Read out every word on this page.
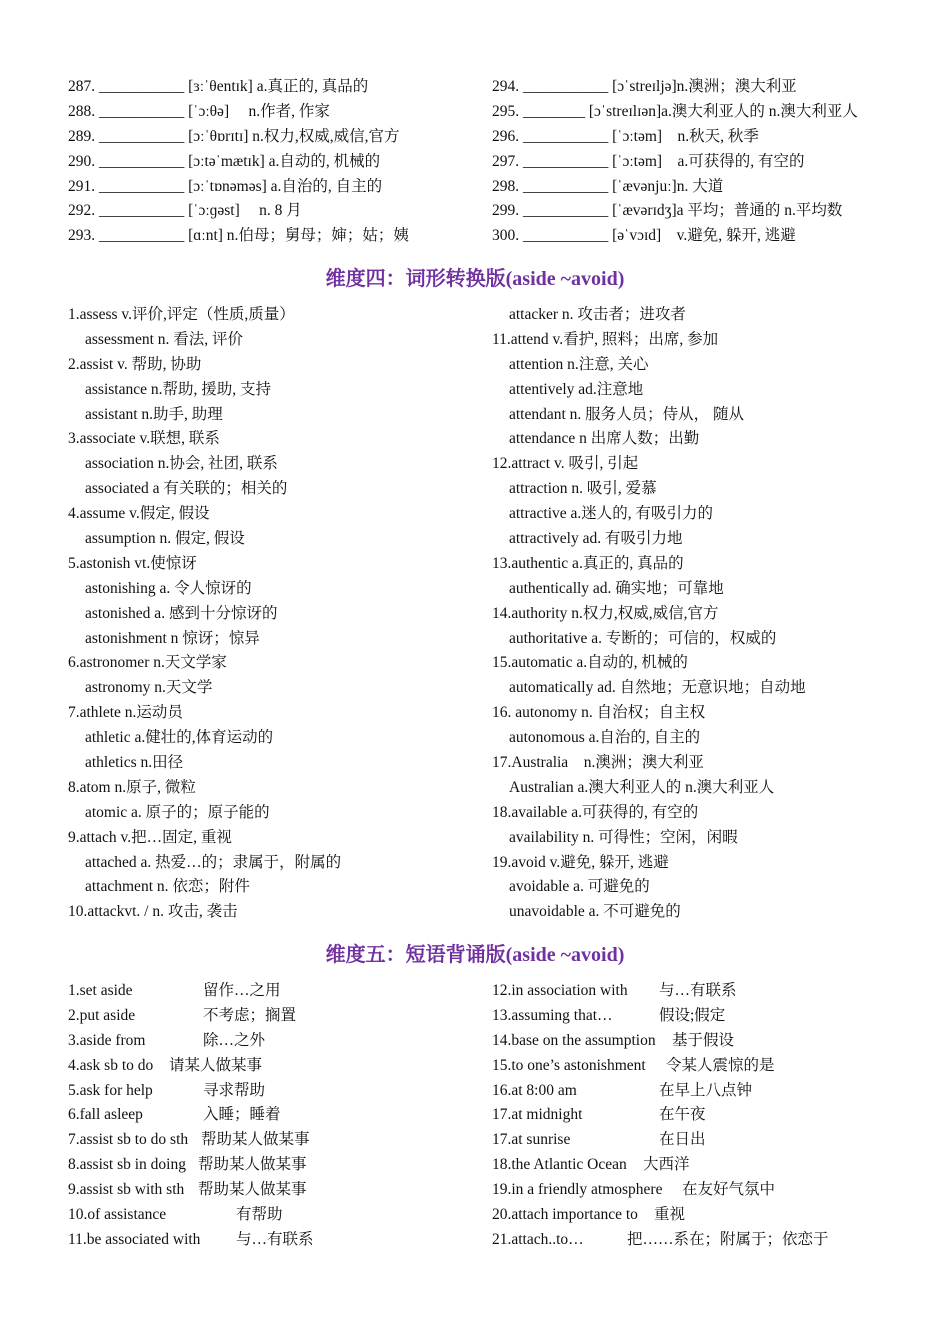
287. ___________ [ɜːˈθentɪk] a.真正的, 真品的
288. ___________ [ˈɔːθə]　 n.作者, 作家
289. ___________ [ɔːˈθɒrɪtɪ] n.权力,权威,威信,官方
290. ___________ [ɔːtəˈmætɪk] a.自动的, 机械的
291. ___________ [ɔːˈtɒnəməs] a.自治的, 自主的
292. ___________ [ˈɔːɡəst]　 n. 8 月
293. ___________ [ɑːnt] n.伯母；舅母；婶；姑；姨
294. ___________ [ɔˈstreɪljə]n.澳洲；澳大利亚
295. ________ [ɔˈstreɪlɪən]a.澳大利亚人的 n.澳大利亚人
296. ___________ [ˈɔːtəm]　n.秋天, 秋季
297. ___________ [ˈɔːtəm]　a.可获得的, 有空的
298. ___________ [ˈævənjuː]n. 大道
299. ___________ [ˈævərɪdʒ]a 平均；普通的 n.平均数
300. ___________ [əˈvɔɪd]　v.避免, 躲开, 逃避
维度四：词形转换版(aside ~avoid)
1.assess v.评价,评定（性质,质量）
assessment n. 看法, 评价
2.assist v. 帮助, 协助
assistance n.帮助, 援助, 支持
assistant n.助手, 助理
3.associate v.联想, 联系
association n.协会, 社团, 联系
associated a 有关联的；相关的
4.assume v.假定, 假设
assumption n. 假定, 假设
5.astonish vt.使惊讶
astonishing a. 令人惊讶的
astonished a. 感到十分惊讶的
astonishment n 惊讶；惊异
6.astronomer n.天文学家
astronomy n.天文学
7.athlete n.运动员
athletic a.健壮的,体育运动的
athletics n.田径
8.atom n.原子, 微粒
atomic a. 原子的；原子能的
9.attach v.把…固定, 重视
attached a. 热爱…的；隶属于，附属的
attachment n. 依恋；附件
10.attackvt. / n. 攻击, 袭击
attacker n. 攻击者；进攻者
11.attend v.看护, 照料；出席, 参加
attention n.注意, 关心
attentively ad.注意地
attendant n. 服务人员；侍从， 随从
attendance n 出席人数；出勤
12.attract v. 吸引, 引起
attraction n. 吸引, 爱慕
attractive a.迷人的, 有吸引力的
attractively ad. 有吸引力地
13.authentic a.真正的, 真品的
authentically ad. 确实地；可靠地
14.authority n.权力,权威,威信,官方
authoritative a. 专断的；可信的，权威的
15.automatic a.自动的, 机械的
automatically ad. 自然地；无意识地；自动地
16. autonomy n. 自治权；自主权
autonomous a.自治的, 自主的
17.Australia　n.澳洲；澳大利亚
Australian a.澳大利亚人的 n.澳大利亚人
18.available a.可获得的, 有空的
availability n. 可得性；空闲，闲暇
19.avoid v.避免, 躲开, 逃避
avoidable a. 可避免的
unavoidable a. 不可避免的
维度五：短语背诵版(aside ~avoid)
1.set aside	留作…之用
2.put aside	不考虑；搁置
3.aside from	除…之外
4.ask sb to do 请某人做某事
5.ask for help	寻求帮助
6.fall asleep	入睡；睡着
7.assist sb to do sth 帮助某人做某事
8.assist sb in doing 帮助某人做某事
9.assist sb with sth 帮助某人做某事
10.of assistance	有帮助
11.be associated with 与…有联系
12.in association with 与…有联系
13.assuming that…	假设;假定
14.base on the assumption 基于假设
15.to one’s astonishment 令某人震惊的是
16.at 8:00 am	在早上八点钟
17.at midnight	在午夜
17.at sunrise	在日出
18.the Atlantic Ocean 大西洋
19.in a friendly atmosphere 在友好气氛中
20.attach importance to 重视
21.attach..to…	把……系在；附属于；依恋于
